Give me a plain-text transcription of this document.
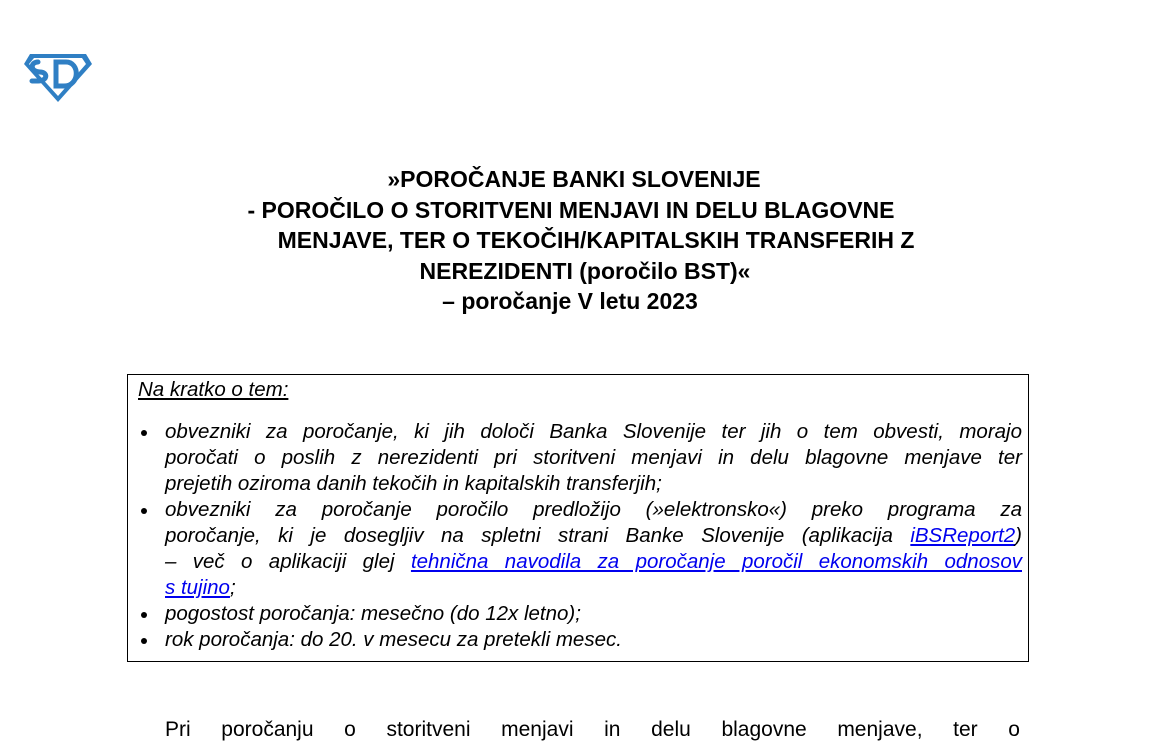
»POROČANJE BANKI SLOVENIJE
- POROČILO O STORITVENI MENJAVI IN DELU BLAGOVNE
MENJAVE, TER O TEKOČIH/KAPITALSKIH TRANSFERIH Z
NEREZIDENTI (poročilo BST)«
– poročanje V letu 2023
Na kratko o tem:
obvezniki za poročanje, ki jih določi Banka Slovenije ter jih o tem obvesti, morajo
poročati o poslih z nerezidenti pri storitveni menjavi in delu blagovne menjave ter
prejetih oziroma danih tekočih in kapitalskih transferjih;
obvezniki za poročanje poročilo predložijo (»elektronsko«) preko programa za
poročanje, ki je dosegljiv na spletni strani Banke Slovenije (aplikacija iBSReport2)
– več o aplikaciji glej tehnična navodila za poročanje poročil ekonomskih odnosov
s tujino;
pogostost poročanja: mesečno (do 12x letno);
rok poročanja: do 20. v mesecu za pretekli mesec.
Pri poročanju o storitveni menjavi in delu blagovne menjave, ter o
